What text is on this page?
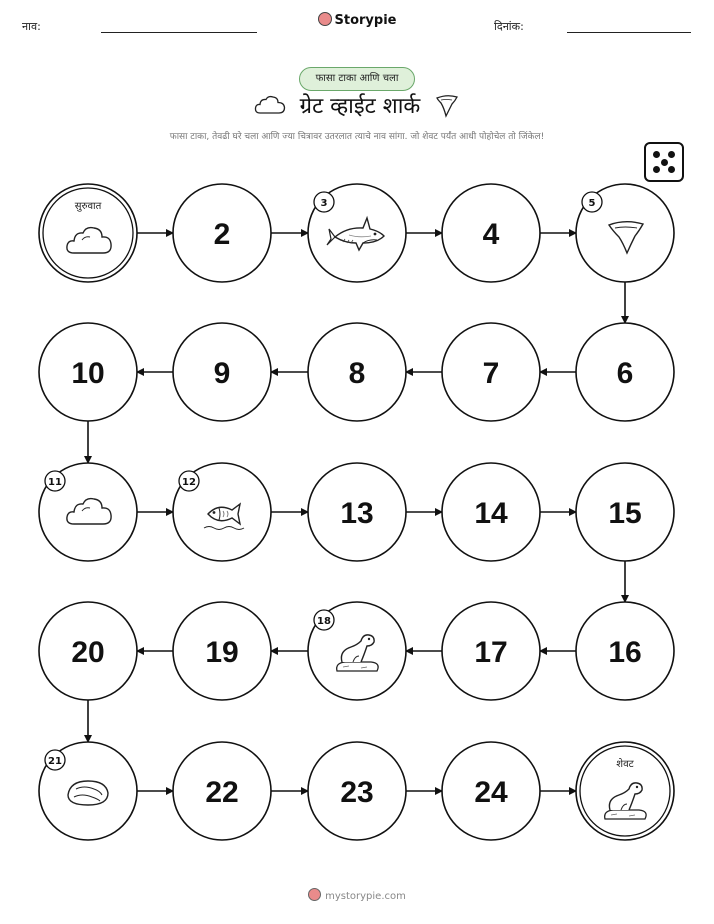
नाव:	Storypie	दिनांक:
फासा टाका आणि चला
ग्रेट व्हाईट शार्क
फासा टाका, तेवढी घरे चला आणि ज्या चित्रावर उतरलात त्याचे नाव सांगा. जो शेवट पर्यंत आधी पोहोचेल तो जिंकेल!
सुरुवात
2
3
4
5
6
7
8
9
10
11	12
13	14	15
16
17
18
19
20
21
22	23	24
शेवट
mystorypie.com
